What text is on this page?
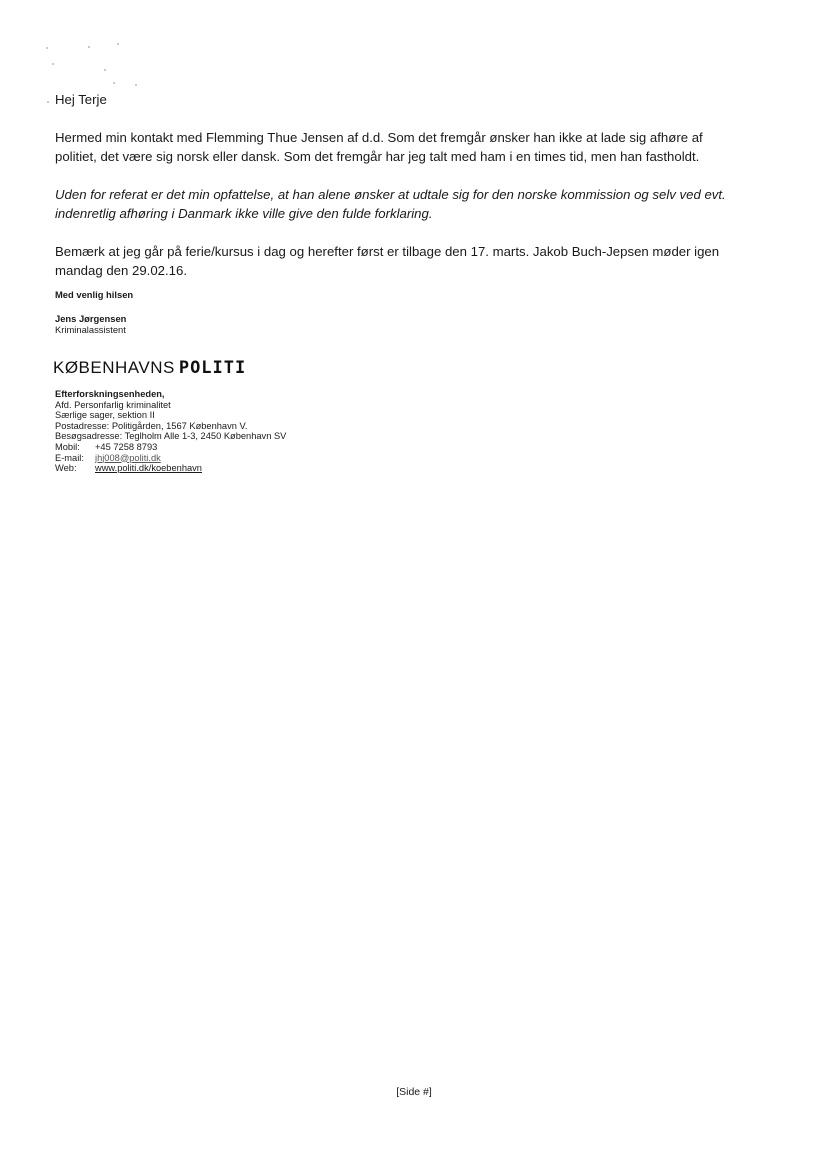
Hej Terje

Hermed min kontakt med Flemming Thue Jensen af d.d. Som det fremgår ønsker han ikke at lade sig afhøre af politiet, det være sig norsk eller dansk. Som det fremgår har jeg talt med ham i en times tid, men han fastholdt.

Uden for referat er det min opfattelse, at han alene ønsker at udtale sig for den norske kommission og selv ved evt. indenretlig afhøring i Danmark ikke ville give den fulde forklaring.

Bemærk at jeg går på ferie/kursus i dag og herefter først er tilbage den 17. marts. Jakob Buch-Jepsen møder igen mandag den 29.02.16.

Med venlig hilsen
Jens Jørgensen
Kriminalassistent
KØBENHAVNS POLITI
Efterforskningsenheden,
Afd. Personfarlig kriminalitet
Særlige sager, sektion II
Postadresse: Politigården, 1567 København V.
Besøgsadresse: Teglholm Alle 1-3, 2450 København SV
Mobil: +45 7258 8793
E-mail: jhj008@politi.dk
Web: www.politi.dk/koebenhavn
[Side #]
